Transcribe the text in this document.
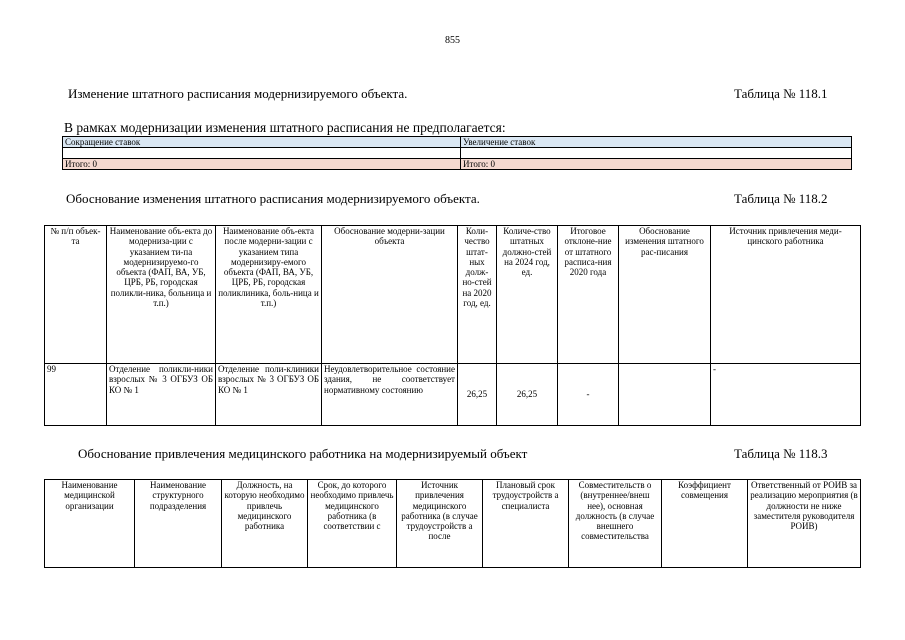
855
Изменение штатного расписания модернизируемого объекта.	Таблица № 118.1
В рамках модернизации изменения штатного расписания не предполагается:
Сокращение ставок	Увеличение ставок

Итого: 0	Итого: 0
Обоснование изменения штатного расписания модернизируемого объекта.	Таблица № 118.2
№ п/п объек-та	Наименование объ-екта до модерниза-ции с указанием ти-па модернизируемо-го объекта (ФАП, ВА, УБ, ЦРБ, РБ, городская поликли-ника, больница и т.п.)	Наименование объ-екта после модерни-зации с указанием типа модернизиру-емого объекта (ФАП, ВА, УБ, ЦРБ, РБ, городская поликлиника, боль-ница и т.п.)	Обоснование модерни-зации объекта	Коли-чество штат-ных долж-но-стей на 2020 год, ед.	Количе-ство штатных должно-стей на 2024 год, ед.	Итоговое отклоне-ние от штатного расписа-ния 2020 года	Обоснование изменения штатного рас-писания	Источник привлечения меди-цинского работника
99	Отделение поликли-ники взрослых № 3 ОГБУЗ ОБ КО № 1	Отделение поли-клиники взрослых № 3 ОГБУЗ ОБ КО № 1	Неудовлетворительное состояние здания, не соответствует нормативному состоянию	26,25	26,25	-		-
Обоснование привлечения медицинского работника на модернизируемый объект	Таблица № 118.3
Наименование медицинской организации	Наименование структурного подразделения	Должность, на которую необходимо привлечь медицинского работника	Срок, до которого необходимо привлечь медицинского работника (в соответствии с	Источник привлечения медицинского работника (в случае трудоустройств а после	Плановый срок трудоустройств а специалиста	Совместительств о (внутреннее/внеш нее), основная должность (в случае внешнего совместительства	Коэффициент совмещения	Ответственный от РОИВ за реализацию мероприятия (в должности не ниже заместителя руководителя РОИВ)
